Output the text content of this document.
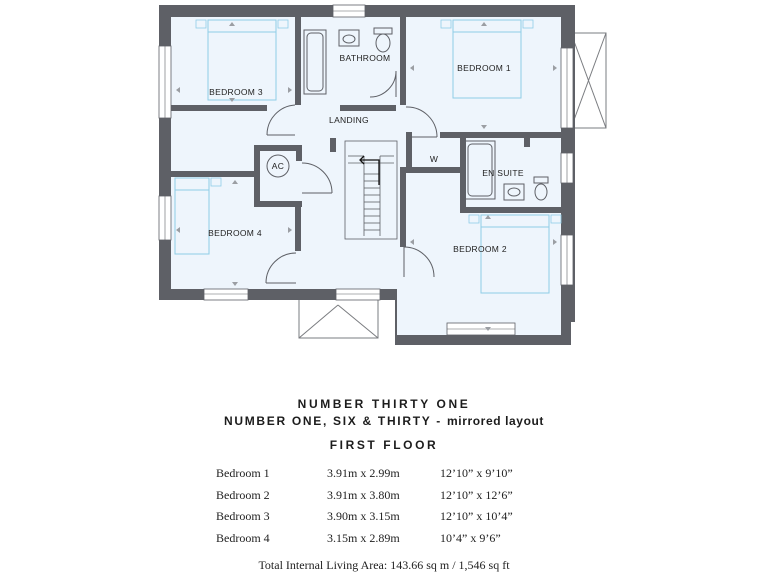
BEDROOM 3
BATHROOM
BEDROOM 1
LANDING
AC
W
EN SUITE
BEDROOM 4
BEDROOM 2
NUMBER THIRTY ONE
NUMBER ONE, SIX & THIRTY - mirrored layout
FIRST FLOOR
Bedroom 1	3.91m x 2.99m	12’10” x 9’10”
Bedroom 2	3.91m x 3.80m	12’10” x 12’6”
Bedroom 3	3.90m x 3.15m	12’10” x 10’4”
Bedroom 4	3.15m x 2.89m	10’4” x 9’6”
Total Internal Living Area: 143.66 sq m / 1,546 sq ft
